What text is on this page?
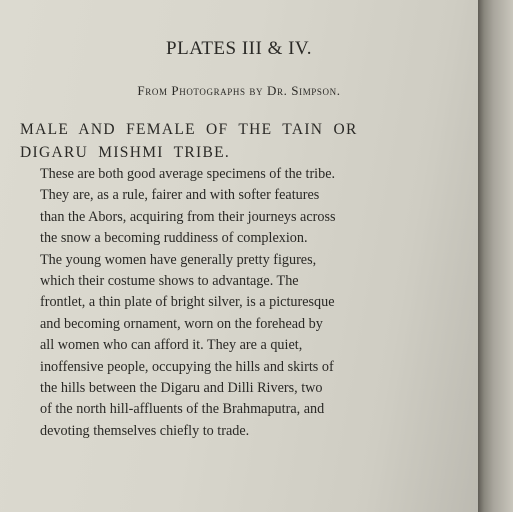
PLATES III & IV.
From Photographs by Dr. Simpson.
MALE AND FEMALE OF THE TAIN OR
DIGARU MISHMI TRIBE.
These are both good average specimens of the tribe.
They are, as a rule, fairer and with softer features
than the Abors, acquiring from their journeys across
the snow a becoming ruddiness of complexion.
The young women have generally pretty figures,
which their costume shows to advantage. The
frontlet, a thin plate of bright silver, is a picturesque
and becoming ornament, worn on the forehead by
all women who can afford it. They are a quiet,
inoffensive people, occupying the hills and skirts of
the hills between the Digaru and Dilli Rivers, two
of the north hill-affluents of the Brahmaputra, and
devoting themselves chiefly to trade.
